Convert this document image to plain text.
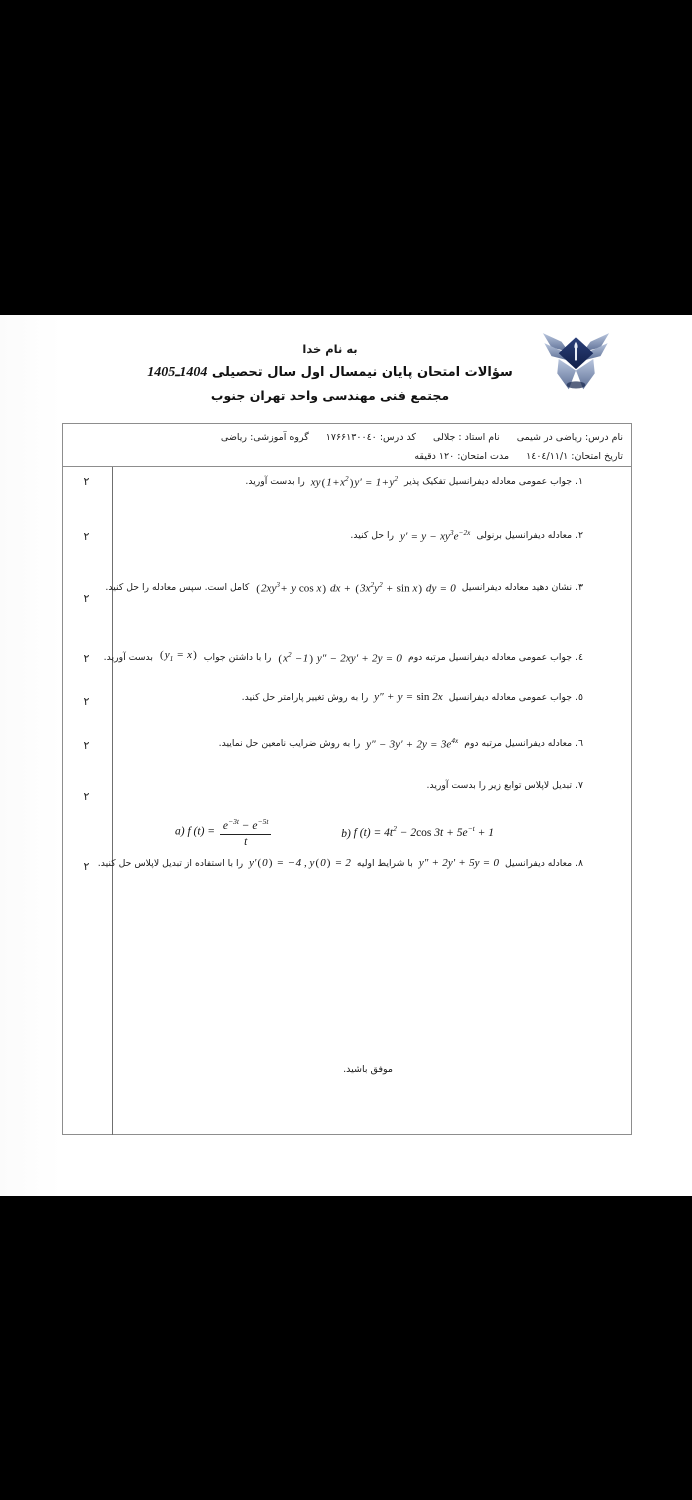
به نام خدا
سؤالات امتحان پایان نیمسال اول سال تحصیلی 1404ـ1405
مجتمع فنی مهندسی واحد تهران جنوب
نام درس: ریاضی در شیمی نام استاد : جلالی کد درس: ۱۷۶۶۱۳۰۰٤۰ گروه آموزشی: ریاضی
تاریخ امتحان: ۱٤۰٤/۱۱/۱ مدت امتحان: ۱۲۰ دقیقه
۲
۲
۲
۲
۲
۲
۲
۲
۱. جواب عمومی معادله دیفرانسیل تفکیک پذیر $xy(1+x^2)y' = 1+y^2$ را بدست آورید.
۲. معادله دیفرانسیل برنولی $y' = y - xy^3e^{-2x}$ را حل کنید.
۳. نشان دهید معادله دیفرانسیل ($2xy^3+ y$ cos x) dx + $(3x^2y^2 + \sin x)$ dy = 0 کامل است. سپس معادله را حل کنید.
٤. جواب عمومی معادله دیفرانسیل مرتبه دوم $(x^2 -1) y'' - 2xy' + 2y = 0$ را با داشتن جواب $(y_1 = x)$ بدست آورید.
٥. جواب عمومی معادله دیفرانسیل y″ + y = sin 2x را به روش تغییر پارامتر حل کنید.
٦. معادله دیفرانسیل مرتبه دوم $y'' - 3y' + 2y = 3e^{4x}$ را به روش ضرایب نامعین حل نمایید.
۷. تبدیل لاپلاس توابع زیر را بدست آورید.
a) f $(t) = \frac{e^{-3t} - e^{-5t}}{t}$	b) f $(t) = 4t^2 - 2\cos$ $3t + 5e^{-t} + 1$
۸. معادله دیفرانسیل y″ + 2y′ + 5y = 0 با شرایط اولیه y′(0) = −4 , y(0) = 2 را با استفاده از تبدیل لاپلاس حل کنید.
موفق باشید.
